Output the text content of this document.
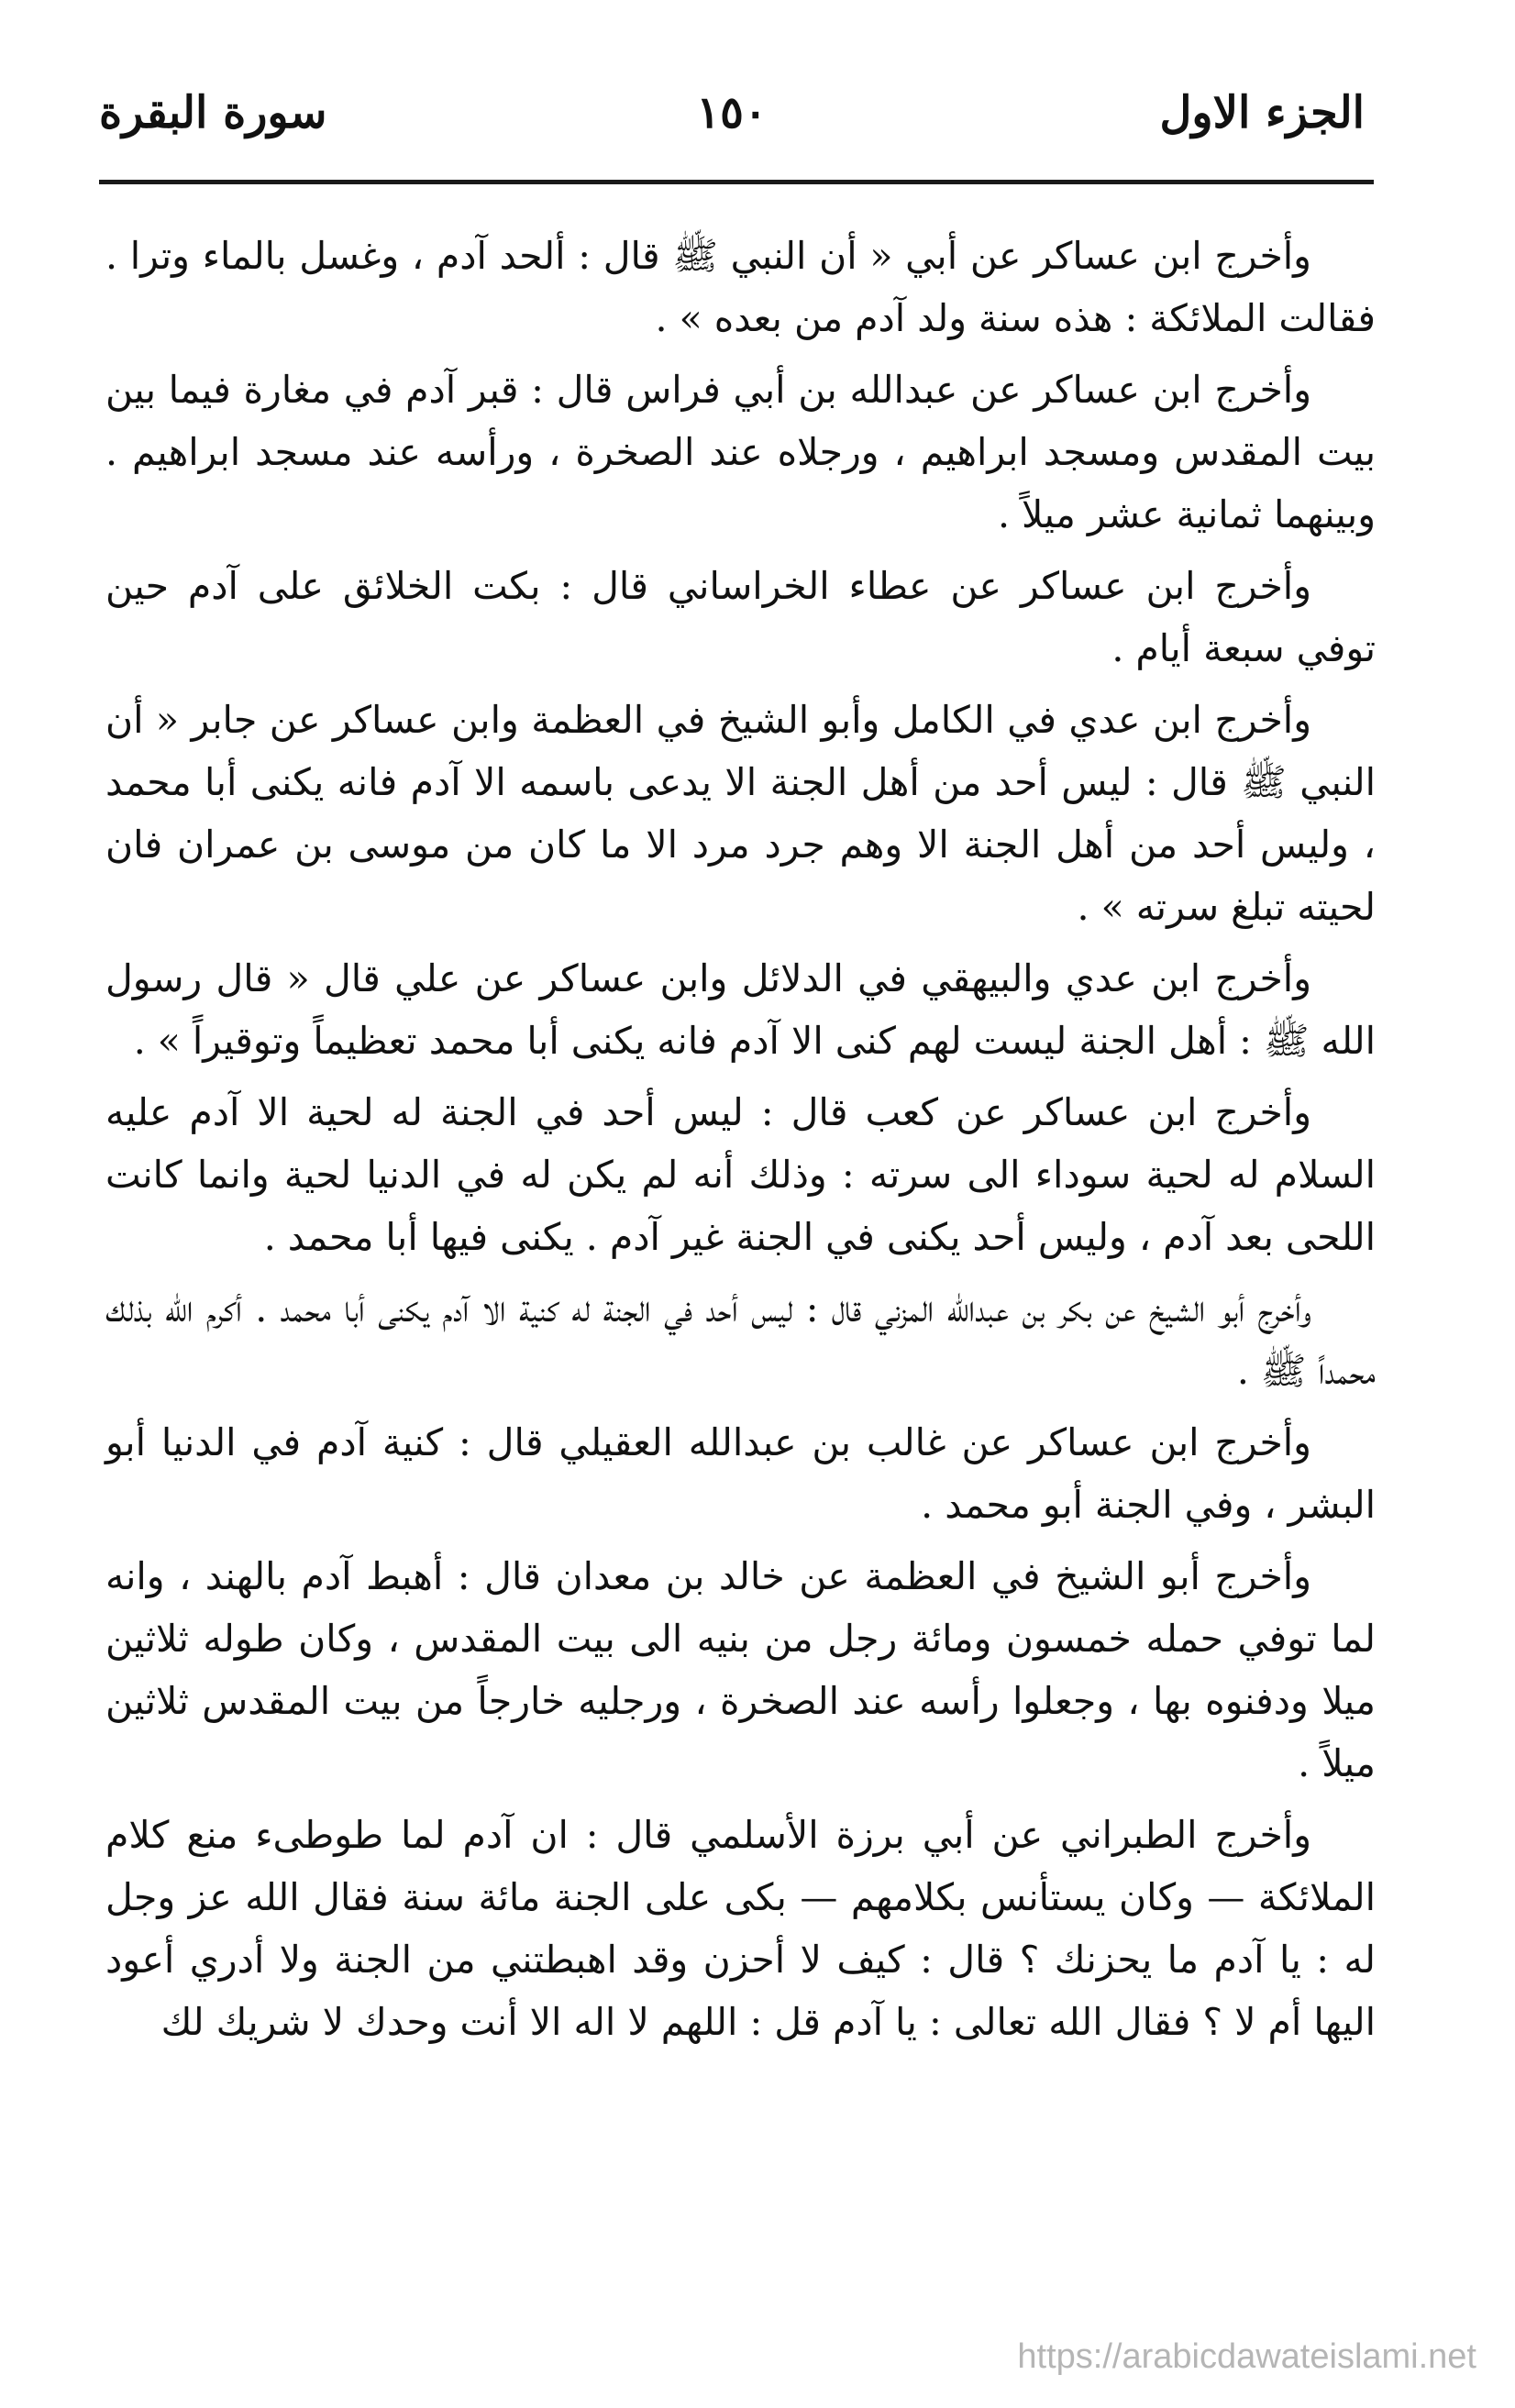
الجزء الاول
١٥٠
سورة البقرة

وأخرج ابن عساكر عن أبي « أن النبي ﷺ قال : ألحد آدم ، وغسل بالماء وترا . فقالت الملائكة : هذه سنة ولد آدم من بعده » .

وأخرج ابن عساكر عن عبدالله بن أبي فراس قال : قبر آدم في مغارة فيما بين بيت المقدس ومسجد ابراهيم ، ورجلاه عند الصخرة ، ورأسه عند مسجد ابراهيم . وبينهما ثمانية عشر ميلاً .

وأخرج ابن عساكر عن عطاء الخراساني قال : بكت الخلائق على آدم حين توفي سبعة أيام .

وأخرج ابن عدي في الكامل وأبو الشيخ في العظمة وابن عساكر عن جابر « أن النبي ﷺ قال : ليس أحد من أهل الجنة الا يدعى باسمه الا آدم فانه يكنى أبا محمد ، وليس أحد من أهل الجنة الا وهم جرد مرد الا ما كان من موسى بن عمران فان لحيته تبلغ سرته » .

وأخرج ابن عدي والبيهقي في الدلائل وابن عساكر عن علي قال « قال رسول الله ﷺ : أهل الجنة ليست لهم كنى الا آدم فانه يكنى أبا محمد تعظيماً وتوقيراً » .

وأخرج ابن عساكر عن كعب قال : ليس أحد في الجنة له لحية الا آدم عليه السلام له لحية سوداء الى سرته : وذلك أنه لم يكن له في الدنيا لحية وانما كانت اللحى بعد آدم ، وليس أحد يكنى في الجنة غير آدم . يكنى فيها أبا محمد .

وأخرج أبو الشيخ عن بكر بن عبدالله المزني قال : ليس أحد في الجنة له كنية الا آدم يكنى أبا محمد . أكرم الله بذلك محمداً ﷺ .

وأخرج ابن عساكر عن غالب بن عبدالله العقيلي قال : كنية آدم في الدنيا أبو البشر ، وفي الجنة أبو محمد .

وأخرج أبو الشيخ في العظمة عن خالد بن معدان قال : أهبط آدم بالهند ، وانه لما توفي حمله خمسون ومائة رجل من بنيه الى بيت المقدس ، وكان طوله ثلاثين ميلا ودفنوه بها ، وجعلوا رأسه عند الصخرة ، ورجليه خارجاً من بيت المقدس ثلاثين ميلاً .

وأخرج الطبراني عن أبي برزة الأسلمي قال : ان آدم لما طوطىء منع كلام الملائكة — وكان يستأنس بكلامهم — بكى على الجنة مائة سنة فقال الله عز وجل له : يا آدم ما يحزنك ؟ قال : كيف لا أحزن وقد اهبطتني من الجنة ولا أدري أعود اليها أم لا ؟ فقال الله تعالى : يا آدم قل : اللهم لا اله الا أنت وحدك لا شريك لك

https://arabicdawateislami.net
